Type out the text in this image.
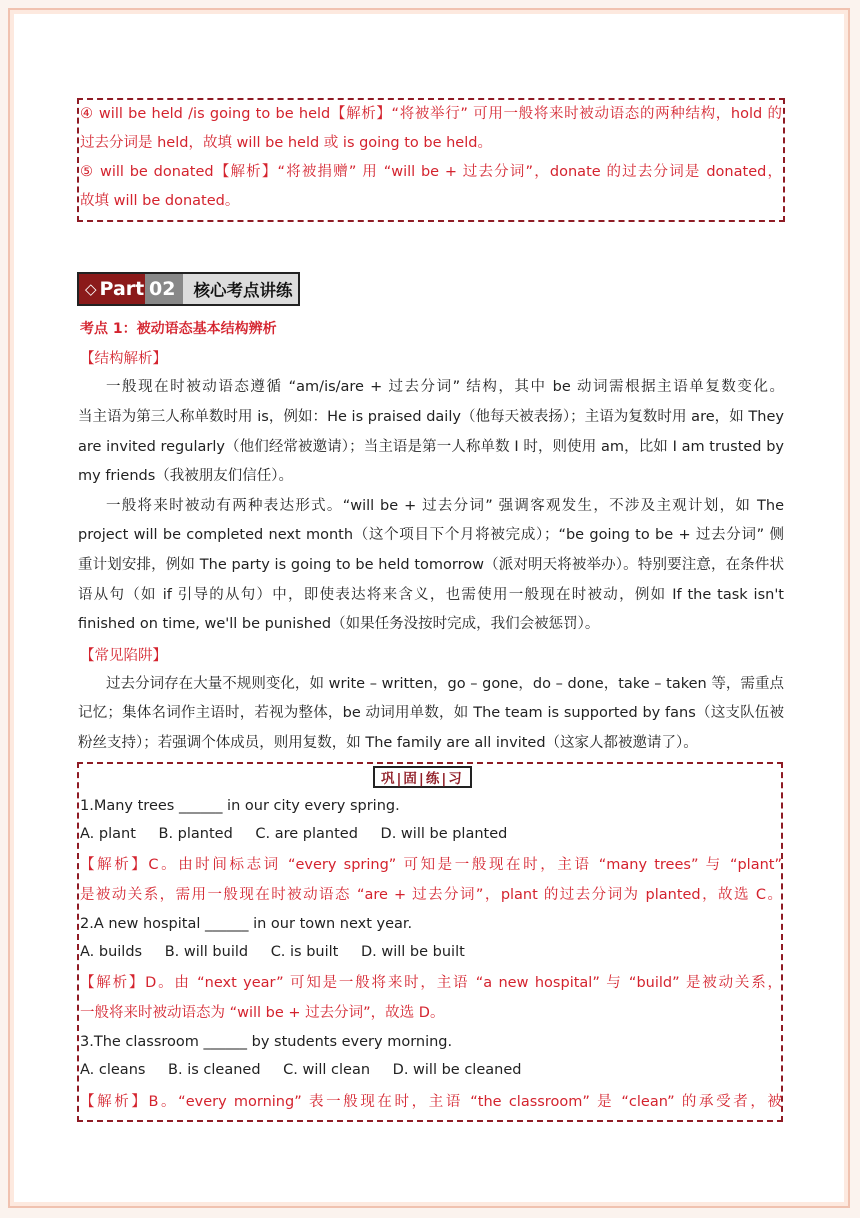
④ will be held /is going to be held【解析】“将被举行” 可用一般将来时被动语态的两种结构，hold 的
过去分词是 held，故填 will be held 或 is going to be held。
⑤ will be donated【解析】“将被捐赠” 用 “will be + 过去分词”，donate 的过去分词是 donated，
故填 will be donated。
◇ Part 02	核心考点讲练
考点 1：被动语态基本结构辨析
【结构解析】
一般现在时被动语态遵循 “am/is/are + 过去分词” 结构，其中 be 动词需根据主语单复数变化。
当主语为第三人称单数时用 is，例如：He is praised daily（他每天被表扬）；主语为复数时用 are，如 They
are invited regularly（他们经常被邀请）；当主语是第一人称单数 I 时，则使用 am，比如 I am trusted by
my friends（我被朋友们信任）。
一般将来时被动有两种表达形式。“will be + 过去分词” 强调客观发生，不涉及主观计划，如 The
project will be completed next month（这个项目下个月将被完成）；“be going to be + 过去分词” 侧
重计划安排，例如 The party is going to be held tomorrow（派对明天将被举办）。特别要注意，在条件状
语从句（如 if 引导的从句）中，即使表达将来含义，也需使用一般现在时被动，例如 If the task isn't
finished on time, we'll be punished（如果任务没按时完成，我们会被惩罚）。
【常见陷阱】
过去分词存在大量不规则变化，如 write – written，go – gone，do – done，take – taken 等，需重点
记忆；集体名词作主语时，若视为整体，be 动词用单数，如 The team is supported by fans（这支队伍被
粉丝支持）；若强调个体成员，则用复数，如 The family are all invited（这家人都被邀请了）。
巩|固|练|习
1.Many trees ______ in our city every spring.
A. plant B. planted C. are planted D. will be planted
【解析】C。由时间标志词 “every spring” 可知是一般现在时，主语 “many trees” 与 “plant”
是被动关系，需用一般现在时被动语态 “are + 过去分词”，plant 的过去分词为 planted，故选 C。
2.A new hospital ______ in our town next year.
A. builds B. will build C. is built D. will be built
【解析】D。由 “next year” 可知是一般将来时，主语 “a new hospital” 与 “build” 是被动关系，
一般将来时被动语态为 “will be + 过去分词”，故选 D。
3.The classroom ______ by students every morning.
A. cleans B. is cleaned C. will clean D. will be cleaned
【解析】B。“every morning” 表一般现在时，主语 “the classroom” 是 “clean” 的承受者，被
